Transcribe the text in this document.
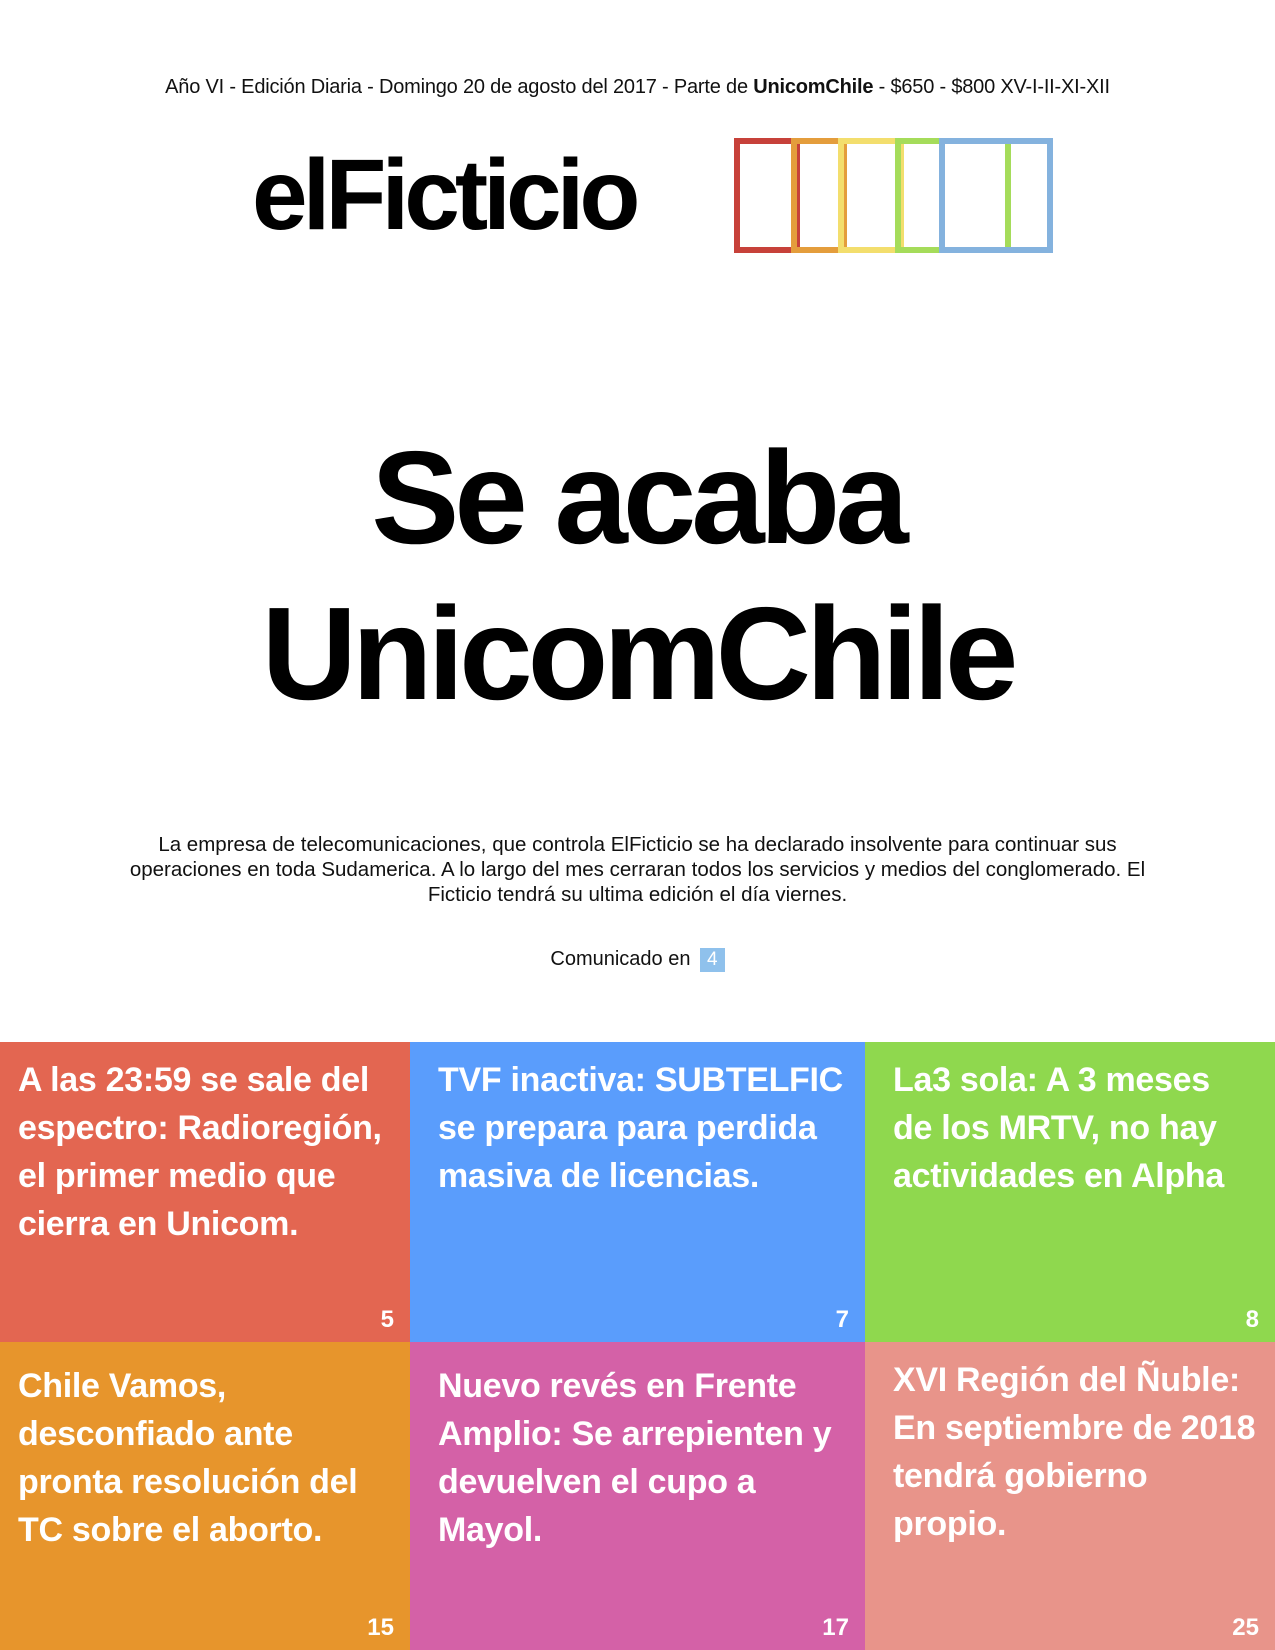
Año VI - Edición Diaria - Domingo 20 de agosto del 2017 - Parte de UnicomChile - $650 - $800 XV-I-II-XI-XII
elFicticio
Se acaba
UnicomChile
La empresa de telecomunicaciones, que controla ElFicticio se ha declarado insolvente para continuar sus operaciones en toda Sudamerica. A lo largo del mes cerraran todos los servicios y medios del conglomerado. El Ficticio tendrá su ultima edición el día viernes.
Comunicado en 4
A las 23:59 se sale del espectro: Radioregión, el primer medio que cierra en Unicom.
5
TVF inactiva: SUBTELFIC se prepara para perdida masiva de licencias.
7
La3 sola: A 3 meses de los MRTV, no hay actividades en Alpha
8
Chile Vamos, desconfiado ante pronta resolución del TC sobre el aborto.
15
Nuevo revés en Frente Amplio: Se arrepienten y devuelven el cupo a Mayol.
17
XVI Región del Ñuble: En septiembre de 2018 tendrá gobierno propio.
25
